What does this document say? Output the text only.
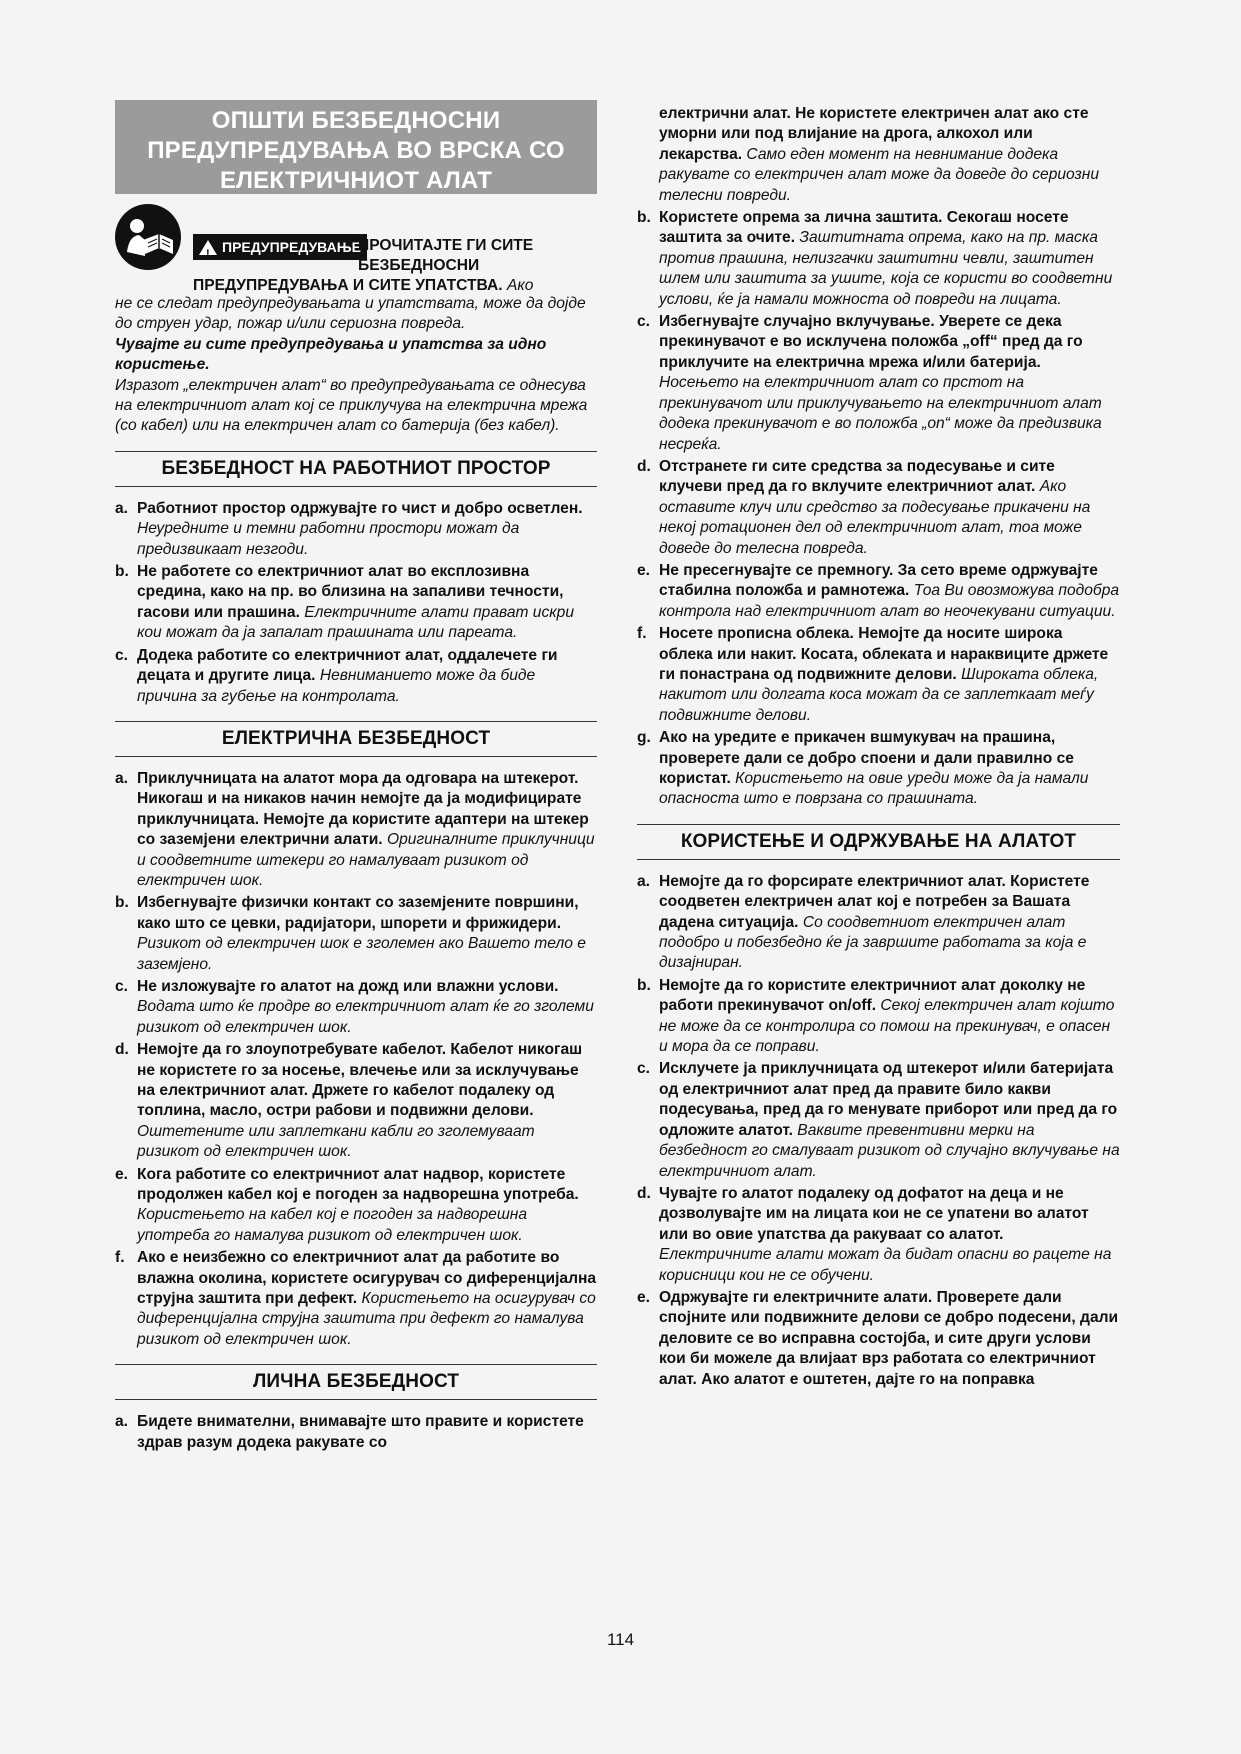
ОПШТИ БЕЗБЕДНОСНИ
ПРЕДУПРЕДУВАЊА ВО ВРСКА СО
ЕЛЕКТРИЧНИОТ АЛАТ
!
ПРЕДУПРЕДУВАЊЕ
ПРОЧИТАЈТЕ ГИ СИТЕ
БЕЗБЕДНОСНИ
ПРЕДУПРЕДУВАЊА И СИТЕ УПАТСТВА. Ако

не се следат предупредувањата и упатствата, може да дојде до струен удар, пожар и/или сериозна повреда.

Чувајте ги сите предупредувања и упатства за идно користење.

Изразот „електричен алат“ во предупредувањата се однесува на електричниот алат кој се приклучува на електрична мрежа (со кабел) или на електричен алат со батерија (без кабел).

БЕЗБЕДНОСТ НА РАБОТНИОТ ПРОСТОР
a. Работниот простор одржувајте го чист и добро осветлен. Неуредните и темни работни простори можат да предизвикаат незгоди.
b. Не работете со електричниот алат во експлозивна средина, како на пр. во близина на запаливи течности, гасови или прашина. Електричните алати прават искри кои можат да ја запалат прашината или пареата.
c. Додека работите со електричниот алат, оддалечете ги децата и другите лица. Невниманието може да биде причина за губење на контролата.
ЕЛЕКТРИЧНА БЕЗБЕДНОСТ
a. Приклучницата на алатот мора да одговара на штекерот. Никогаш и на никаков начин немојте да ја модифицирате приклучницата. Немојте да користите адаптери на штекер со заземјени електрични алати. Оригиналните приклучници и соодветните штекери го намалуваат ризикот од електричен шок.
b. Избегнувајте физички контакт со заземјените површини, како што се цевки, радијатори, шпорети и фрижидери. Ризикот од електричен шок е зголемен ако Вашето тело е заземјено.
c. Не изложувајте го алатот на дожд или влажни услови. Водата што ќе продре во електричниот алат ќе го зголеми ризикот од електричен шок.
d. Немојте да го злоупотребувате кабелот. Кабелот никогаш не користете го за носење, влечење или за исклучување на електричниот алат. Држете го кабелот подалеку од топлина, масло, остри рабови и подвижни делови. Оштетените или заплеткани кабли го зголемуваат ризикот од електричен шок.
e. Кога работите со електричниот алат надвор, користете продолжен кабел кој е погоден за надворешна употреба. Користењето на кабел кој е погоден за надворешна употреба го намалува ризикот од електричен шок.
f. Ако е неизбежно со електричниот алат да работите во влажна околина, користете осигурувач со диференцијална струјна заштита при дефект. Користењето на осигурувач со диференцијална струјна заштита при дефект го намалува ризикот од електричен шок.
ЛИЧНА БЕЗБЕДНОСТ
a. Бидете внимателни, внимавајте што правите и користете здрав разум додека ракувате со
електрични алат. Не користете електричен алат ако сте уморни или под влијание на дрога, алкохол или лекарства. Само еден момент на невнимание додека ракувате со електричен алат може да доведе до сериозни телесни повреди.
b. Користете опрема за лична заштита. Секогаш носете заштита за очите. Заштитната опрема, како на пр. маска против прашина, нелизгачки заштитни чевли, заштитен шлем или заштита за ушите, која се користи во соодветни услови, ќе ја намали можноста од повреди на лицата.
c. Избегнувајте случајно вклучување. Уверете се дека прекинувачот е во исклучена положба „off“ пред да го приклучите на електрична мрежа и/или батерија. Носењето на електричниот алат со прстот на прекинувачот или приклучувањето на електричниот алат додека прекинувачот е во положба „on“ може да предизвика несреќа.
d. Отстранете ги сите средства за подесување и сите клучеви пред да го вклучите електричниот алат. Ако оставите клуч или средство за подесување прикачени на некој ротационен дел од електричниот алат, тоа може доведе до телесна повреда.
e. Не пресегнувајте се премногу. За сето време одржувајте стабилна положба и рамнотежа. Тоа Ви овозможува подобра контрола над електричниот алат во неочекувани ситуации.
f. Носете прописна облека. Немојте да носите широка облека или накит. Косата, облеката и нараквиците држете ги понастрана од подвижните делови. Широката облека, накитот или долгата коса можат да се заплеткаат меѓу подвижните делови.
g. Ако на уредите е прикачен вшмукувач на прашина, проверете дали се добро споени и дали правилно се користат. Користењето на овие уреди може да ја намали опасноста што е поврзана со прашината.
КОРИСТЕЊЕ И ОДРЖУВАЊЕ НА АЛАТОТ
a. Немојте да го форсирате електричниот алат. Користете соодветен електричен алат кој е потребен за Вашата дадена ситуација. Со соодветниот електричен алат подобро и побезбедно ќе ја завршите работата за која е дизајниран.
b. Немојте да го користите електричниот алат доколку не работи прекинувачот on/off. Секој електричен алат којшто не може да се контролира со помош на прекинувач, е опасен и мора да се поправи.
c. Исклучете ја приклучницата од штекерот и/или батеријата од електричниот алат пред да правите било какви подесувања, пред да го менувате приборот или пред да го одложите алатот. Ваквите превентивни мерки на безбедност го смалуваат ризикот од случајно вклучување на електричниот алат.
d. Чувајте го алатот подалеку од дофатот на деца и не дозволувајте им на лицата кои не се упатени во алатот или во овие упатства да ракуваат со алатот. Електричните алати можат да бидат опасни во рацете на корисници кои не се обучени.
e. Одржувајте ги електричните алати. Проверете дали спојните или подвижните делови се добро подесени, дали деловите се во исправна состојба, и сите други услови кои би можеле да влијаат врз работата со електричниот алат. Ако алатот е оштетен, дајте го на поправка
114
